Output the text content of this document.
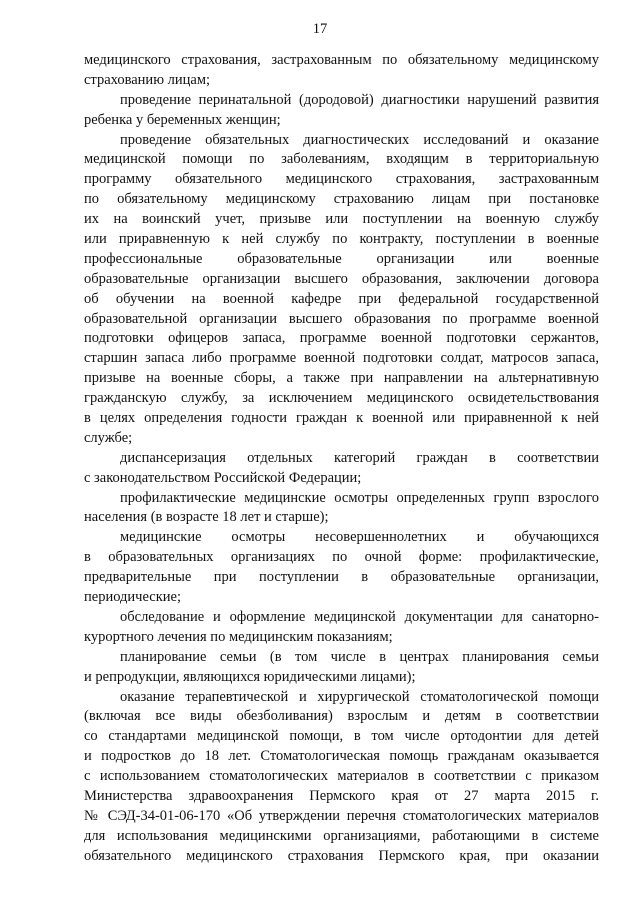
17
медицинского страхования, застрахованным по обязательному медицинскому
страхованию лицам;
проведение перинатальной (дородовой) диагностики нарушений развития
ребенка у беременных женщин;
проведение обязательных диагностических исследований и оказание
медицинской помощи по заболеваниям, входящим в территориальную
программу обязательного медицинского страхования, застрахованным
по обязательному медицинскому страхованию лицам при постановке
их на воинский учет, призыве или поступлении на военную службу
или приравненную к ней службу по контракту, поступлении в военные
профессиональные образовательные организации или военные
образовательные организации высшего образования, заключении договора
об обучении на военной кафедре при федеральной государственной
образовательной организации высшего образования по программе военной
подготовки офицеров запаса, программе военной подготовки сержантов,
старшин запаса либо программе военной подготовки солдат, матросов запаса,
призыве на военные сборы, а также при направлении на альтернативную
гражданскую службу, за исключением медицинского освидетельствования
в целях определения годности граждан к военной или приравненной к ней
службе;
диспансеризация отдельных категорий граждан в соответствии
с законодательством Российской Федерации;
профилактические медицинские осмотры определенных групп взрослого
населения (в возрасте 18 лет и старше);
медицинские осмотры несовершеннолетних и обучающихся
в образовательных организациях по очной форме: профилактические,
предварительные при поступлении в образовательные организации,
периодические;
обследование и оформление медицинской документации для санаторно-
курортного лечения по медицинским показаниям;
планирование семьи (в том числе в центрах планирования семьи
и репродукции, являющихся юридическими лицами);
оказание терапевтической и хирургической стоматологической помощи
(включая все виды обезболивания) взрослым и детям в соответствии
со стандартами медицинской помощи, в том числе ортодонтии для детей
и подростков до 18 лет. Стоматологическая помощь гражданам оказывается
с использованием стоматологических материалов в соответствии с приказом
Министерства здравоохранения Пермского края от 27 марта 2015 г.
№ СЭД-34-01-06-170 «Об утверждении перечня стоматологических материалов
для использования медицинскими организациями, работающими в системе
обязательного медицинского страхования Пермского края, при оказании
